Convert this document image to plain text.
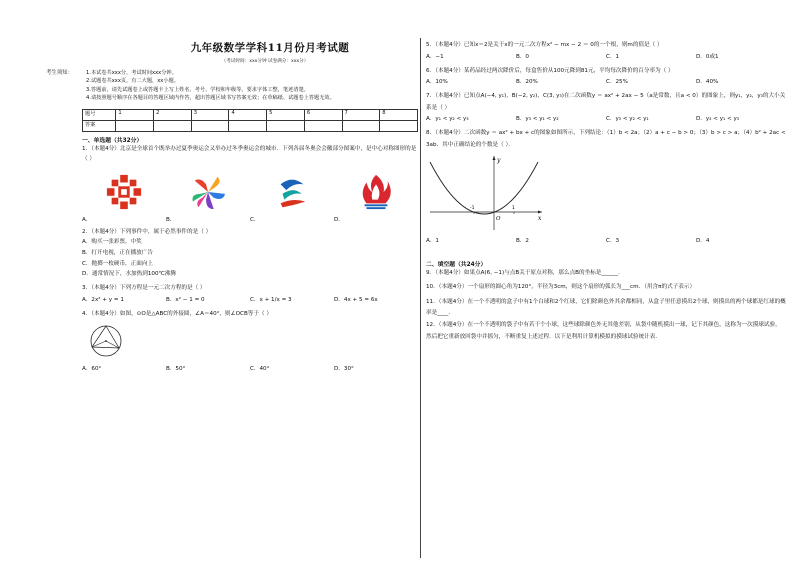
九年级数学学科11月份月考试题
（考试时间：xxx分钟 试卷满分：xxx分）
考生须知：	1.本试卷共xxx分，考试时间xxx分钟。
2.试题卷共xxx页，有二大题，xx小题。
3.答题前，请先试题卷上或答题卡上写上姓名、考号、学校和年级等。要求字体工整，笔迹清楚。
4.请按照题号顺序在各题目的答题区域内作答，超出答题区域书写答案无效；在草稿纸、试题卷上答题无效。
题号	1	2	3	4	5	6	7	8
答案								
一、单选题（共32分）
1．（本题4分）北京是全球首个既举办过夏季奥运会又举办过冬季奥运会的城市．下列各届冬奥会会徽部分图案中，是中心对称图形的是（ ）
A．	B．	C．	D．
2．（本题4分）下列事件中，属于必然事件的是（ ）
A．购买一张彩票，中奖
B．打开电视，正在播放广告
C．抛掷一枚硬币，正面向上
D．通常情况下，水加热到100℃沸腾
3．（本题4分）下列方程是一元二次方程的是（ ）
A．2x² + y = 1	B．x² − 1 = 0	C．x + 1/x = 3	D．4x + 5 = 6x
4．（本题4分）如图，⊙O是△ABC的外接圆，∠A＝40°，则∠OCB等于（ ）
A．60°	B．50°	C．40°	D．30°
5．（本题4分）已知x＝2是关于x的一元二次方程x² − mx − 2 ＝ 0的一个根，则m的值是（ ）
A．−1	B．0	C．1	D．0或1
6．（本题4分）某药品经过两次降价后，每盒售价从100元降到81元，平均每次降价的百分率为（ ）
A．10%	B．20%	C．25%	D．40%
7．（本题4分）已知点A(−4, y₁)，B(−2, y₂)，C(3, y₃)在二次函数y ＝ ax² + 2ax − 5（a是常数，且a < 0）的图象上，则y₁，y₂，y₃的大小关系是（ ）
A．y₁ < y₂ < y₃	B．y₃ < y₁ < y₂	C．y₃ < y₂ < y₁	D．y₂ < y₁ < y₃
8．（本题4分）二次函数y ＝ ax² + bx + c的图象如图所示，下列结论：（1）b < 2a；（2）a + c − b > 0；（3）b > c > a；（4）b² + 2ac < 3ab．其中正确结论的个数是（ ）．
y
x
O
-1	1
A．1	B．2	C．3	D．4
二、填空题（共24分）
9．（本题4分）如果点A(6, −1)与点B关于原点对称，那么点B的坐标是______.
10．（本题4分）一个扇形的圆心角为120°，半径为3cm，则这个扇形的弧长为___cm．（用含π的式子表示）
11．（本题4分）在一个不透明的盒子中有1个白球和2个红球，它们除颜色外其余都相同，从盒子里任意摸出2个球，则摸出的两个球都是红球的概率是____.
12．（本题4分）在一个不透明的袋子中有若干个小球，这些球除颜色外无其他差别，从袋中随机摸出一球，记下其颜色，这称为一次摸球试验，然后把它重新放回袋中并摇匀，不断重复上述过程．以下是利用计算机模拟的摸球试验统计表．
